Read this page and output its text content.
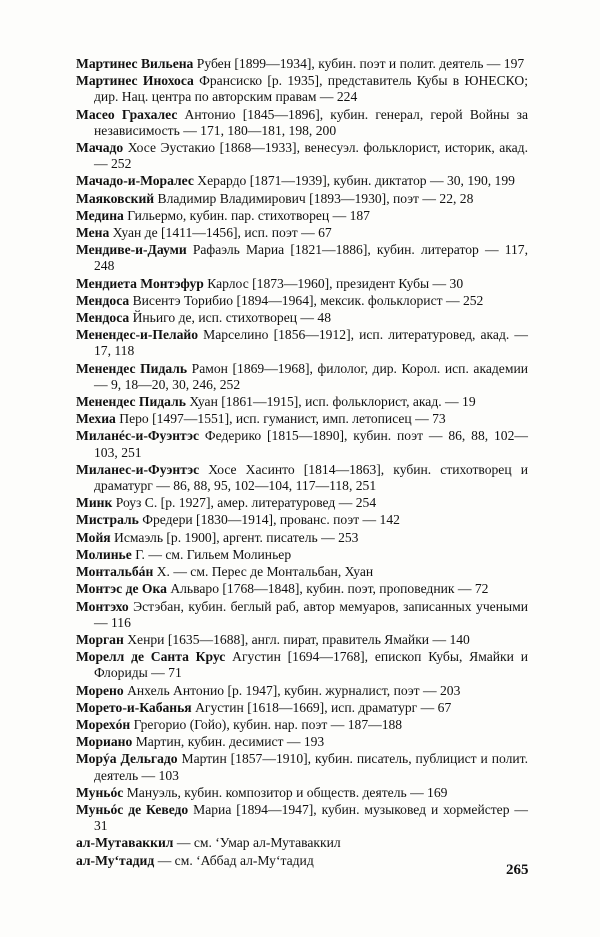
Мартинес Вильена Рубен [1899—1934], кубин. поэт и полит. деятель — 197
Мартинес Инохоса Франсиско [р. 1935], представитель Кубы в ЮНЕСКО; дир. Нац. центра по авторским правам — 224
Масео Грахалес Антонио [1845—1896], кубин. генерал, герой Войны за независимость — 171, 180—181, 198, 200
Мачадо Хосе Эустакио [1868—1933], венесуэл. фольклорист, историк, акад. — 252
Мачадо-и-Моралес Херардо [1871—1939], кубин. диктатор — 30, 190, 199
Маяковский Владимир Владимирович [1893—1930], поэт — 22, 28
Медина Гильермо, кубин. пар. стихотворец — 187
Мена Хуан де [1411—1456], исп. поэт — 67
Мендиве-и-Дауми Рафаэль Мариа [1821—1886], кубин. литератор — 117, 248
Мендиета Монтэфур Карлос [1873—1960], президент Кубы — 30
Мендоса Висентэ Торибио [1894—1964], мексик. фольклорист — 252
Мендоса Йньиго де, исп. стихотворец — 48
Менендес-и-Пелайо Марселино [1856—1912], исп. литературовед, акад. — 17, 118
Менендес Пидаль Рамон [1869—1968], филолог, дир. Корол. исп. академии — 9, 18—20, 30, 246, 252
Менендес Пидаль Хуан [1861—1915], исп. фольклорист, акад. — 19
Мехиа Перо [1497—1551], исп. гуманист, имп. летописец — 73
Миланéс-и-Фуэнтэс Федерико [1815—1890], кубин. поэт — 86, 88, 102—103, 251
Миланес-и-Фуэнтэс Хосе Хасинто [1814—1863], кубин. стихотворец и драматург — 86, 88, 95, 102—104, 117—118, 251
Минк Роуз С. [р. 1927], амер. литературовед — 254
Мистраль Фредери [1830—1914], прованс. поэт — 142
Мойя Исмаэль [р. 1900], аргент. писатель — 253
Молинье Г. — см. Гильем Молиньер
Монтальбáн Х. — см. Перес де Монтальбан, Хуан
Монтэс де Ока Альваро [1768—1848], кубин. поэт, проповедник — 72
Монтэхо Эстэбан, кубин. беглый раб, автор мемуаров, записанных учеными — 116
Морган Хенри [1635—1688], англ. пират, правитель Ямайки — 140
Морелл де Санта Крус Агустин [1694—1768], епископ Кубы, Ямайки и Флориды — 71
Морено Анхель Антонио [р. 1947], кубин. журналист, поэт — 203
Морето-и-Кабанья Агустин [1618—1669], исп. драматург — 67
Морехóн Грегорио (Гойо), кубин. нар. поэт — 187—188
Мориано Мартин, кубин. десимист — 193
Морýа Дельгадо Мартин [1857—1910], кубин. писатель, публицист и полит. деятель — 103
Муньóс Мануэль, кубин. композитор и обществ. деятель — 169
Муньóс де Кеведо Мариа [1894—1947], кубин. музыковед и хормейстер — 31
ал-Мутаваккил — см. ʻУмар ал-Мутаваккил
ал-Муʻтадид — см. ʻАббад ал-Муʻтадид
265
